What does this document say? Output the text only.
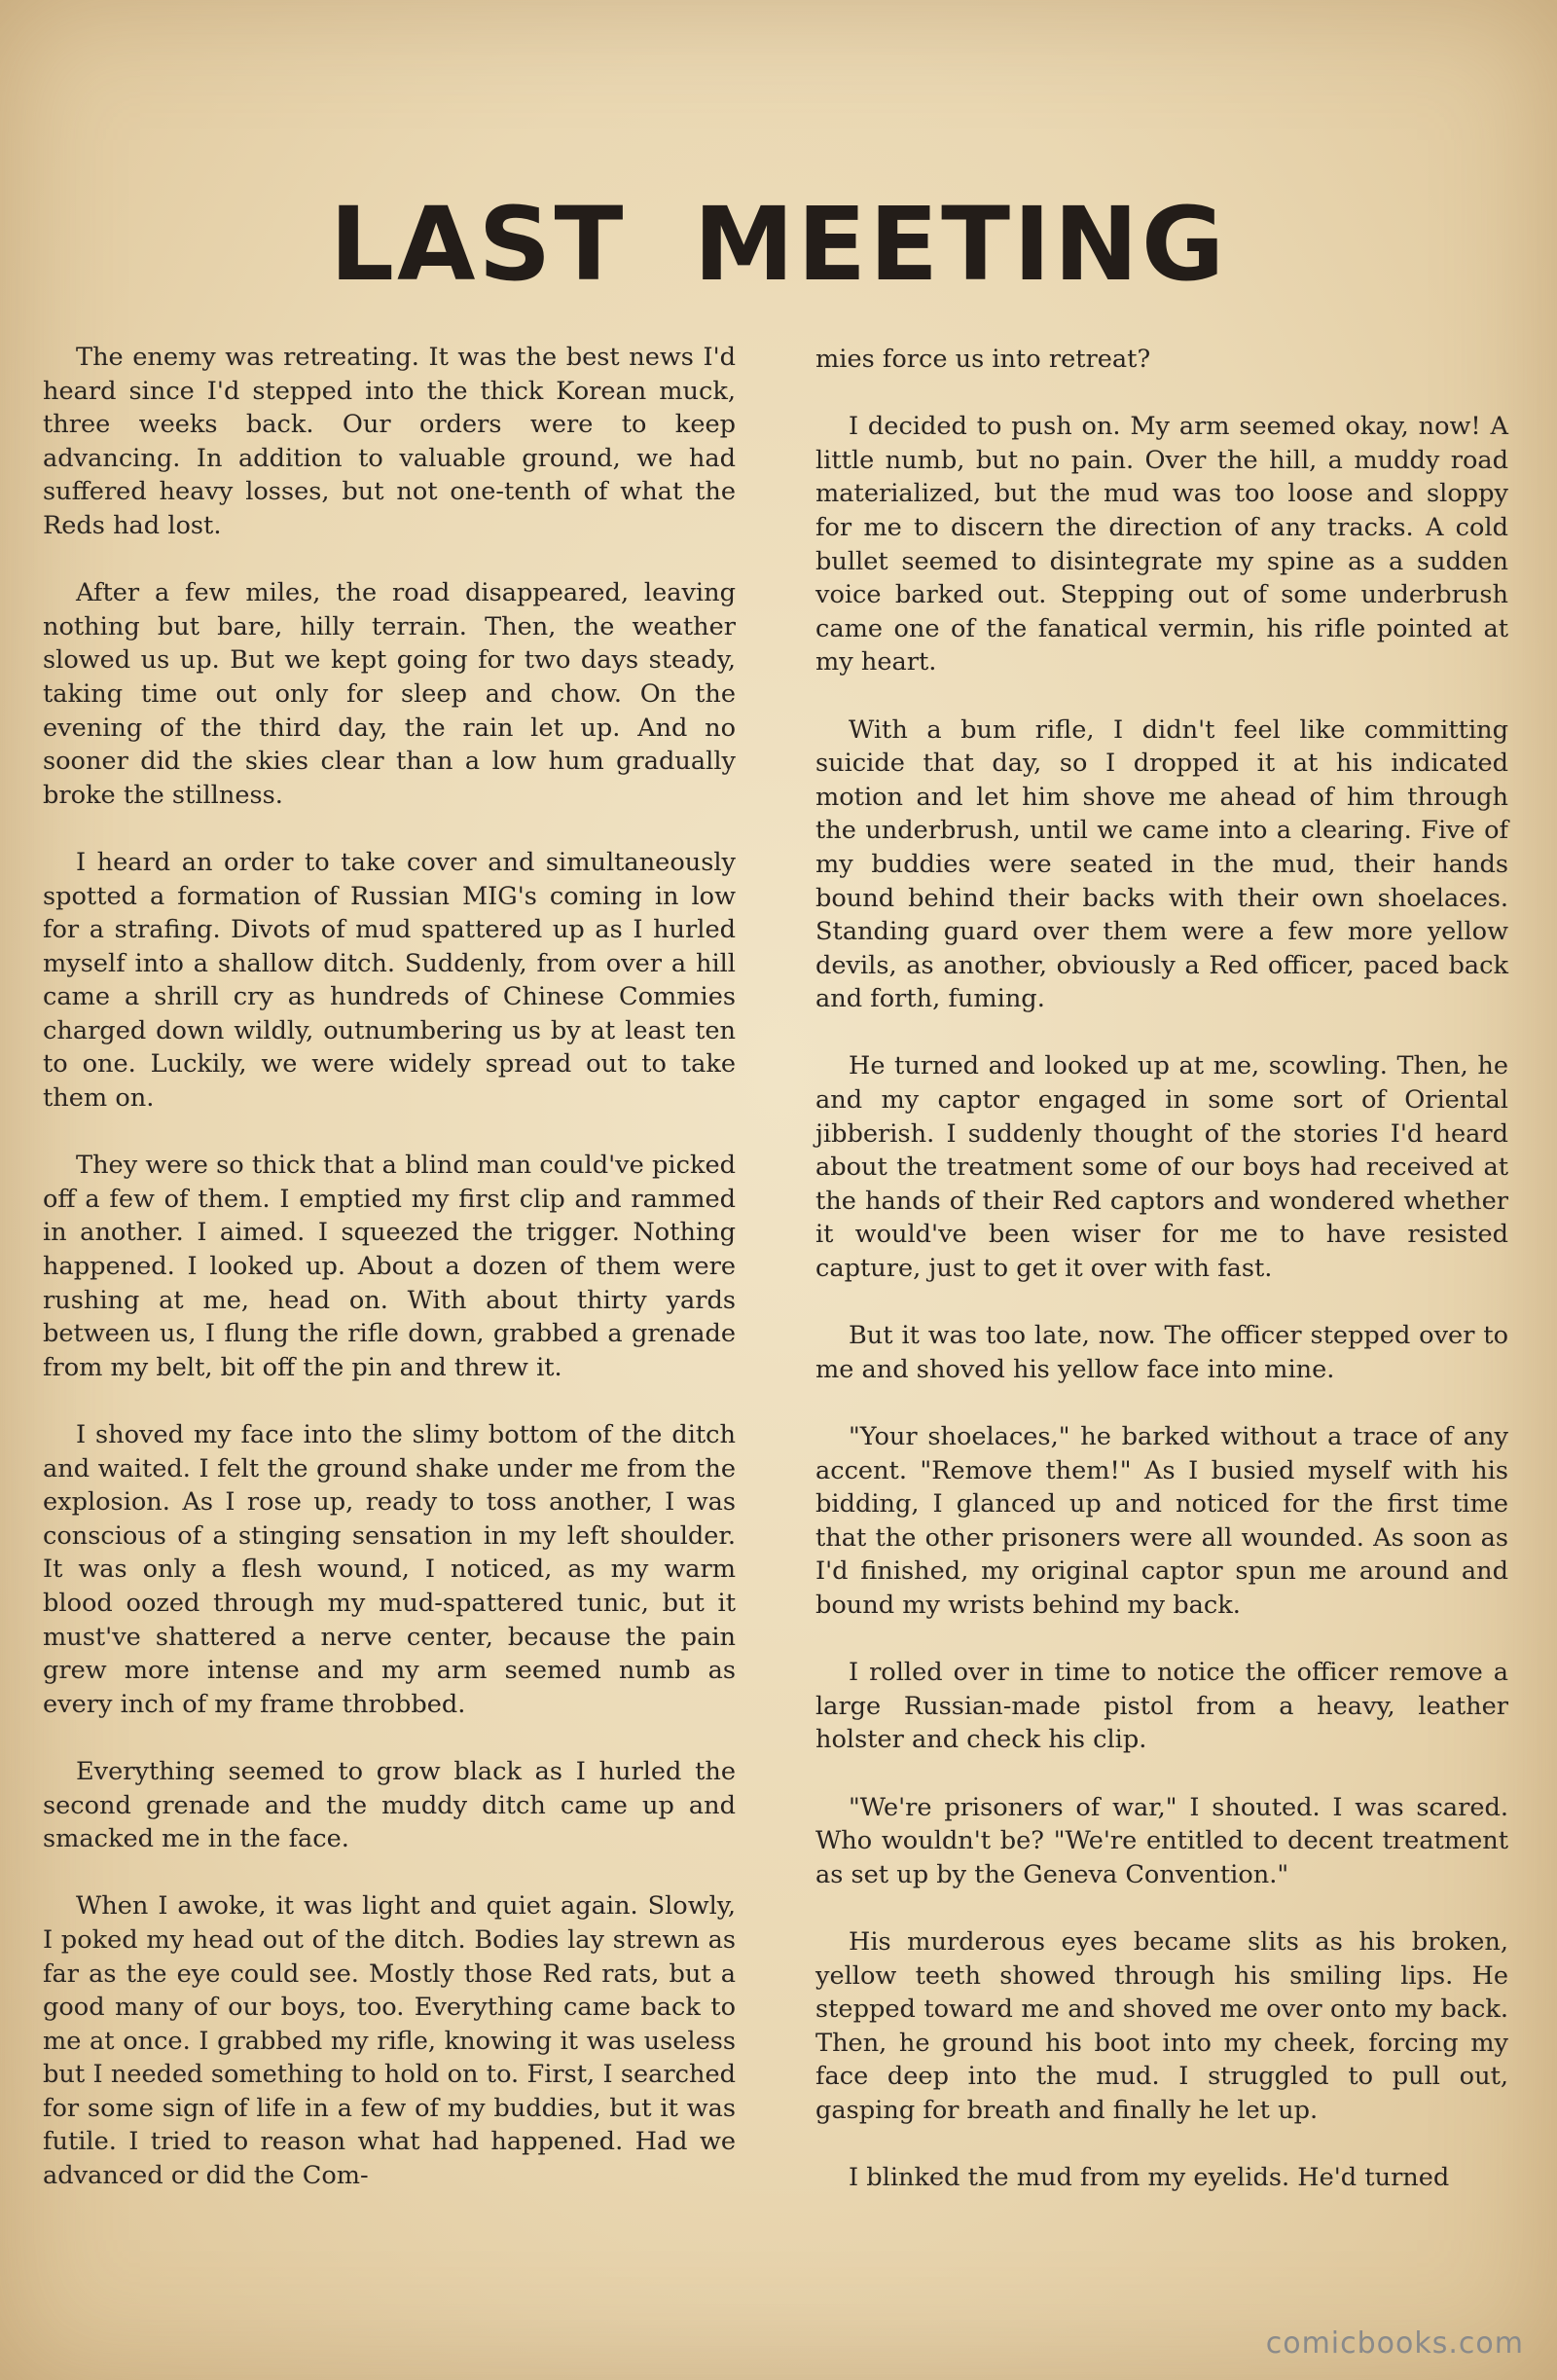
LAST MEETING

The enemy was retreating. It was the best news I'd heard since I'd stepped into the thick Korean muck, three weeks back. Our orders were to keep advancing. In addition to valuable ground, we had suffered heavy losses, but not one-tenth of what the Reds had lost.

After a few miles, the road disappeared, leaving nothing but bare, hilly terrain. Then, the weather slowed us up. But we kept going for two days steady, taking time out only for sleep and chow. On the evening of the third day, the rain let up. And no sooner did the skies clear than a low hum gradually broke the stillness.

I heard an order to take cover and simultaneously spotted a formation of Russian MIG's coming in low for a strafing. Divots of mud spattered up as I hurled myself into a shallow ditch. Suddenly, from over a hill came a shrill cry as hundreds of Chinese Commies charged down wildly, outnumbering us by at least ten to one. Luckily, we were widely spread out to take them on.

They were so thick that a blind man could've picked off a few of them. I emptied my first clip and rammed in another. I aimed. I squeezed the trigger. Nothing happened. I looked up. About a dozen of them were rushing at me, head on. With about thirty yards between us, I flung the rifle down, grabbed a grenade from my belt, bit off the pin and threw it.

I shoved my face into the slimy bottom of the ditch and waited. I felt the ground shake under me from the explosion. As I rose up, ready to toss another, I was conscious of a stinging sensation in my left shoulder. It was only a flesh wound, I noticed, as my warm blood oozed through my mud-spattered tunic, but it must've shattered a nerve center, because the pain grew more intense and my arm seemed numb as every inch of my frame throbbed.

Everything seemed to grow black as I hurled the second grenade and the muddy ditch came up and smacked me in the face.

When I awoke, it was light and quiet again. Slowly, I poked my head out of the ditch. Bodies lay strewn as far as the eye could see. Mostly those Red rats, but a good many of our boys, too. Everything came back to me at once. I grabbed my rifle, knowing it was useless but I needed something to hold on to. First, I searched for some sign of life in a few of my buddies, but it was futile. I tried to reason what had happened. Had we advanced or did the Com-

mies force us into retreat?

I decided to push on. My arm seemed okay, now! A little numb, but no pain. Over the hill, a muddy road materialized, but the mud was too loose and sloppy for me to discern the direction of any tracks. A cold bullet seemed to disintegrate my spine as a sudden voice barked out. Stepping out of some underbrush came one of the fanatical vermin, his rifle pointed at my heart.

With a bum rifle, I didn't feel like committing suicide that day, so I dropped it at his indicated motion and let him shove me ahead of him through the underbrush, until we came into a clearing. Five of my buddies were seated in the mud, their hands bound behind their backs with their own shoelaces. Standing guard over them were a few more yellow devils, as another, obviously a Red officer, paced back and forth, fuming.

He turned and looked up at me, scowling. Then, he and my captor engaged in some sort of Oriental jibberish. I suddenly thought of the stories I'd heard about the treatment some of our boys had received at the hands of their Red captors and wondered whether it would've been wiser for me to have resisted capture, just to get it over with fast.

But it was too late, now. The officer stepped over to me and shoved his yellow face into mine.

"Your shoelaces," he barked without a trace of any accent. "Remove them!" As I busied myself with his bidding, I glanced up and noticed for the first time that the other prisoners were all wounded. As soon as I'd finished, my original captor spun me around and bound my wrists behind my back.

I rolled over in time to notice the officer remove a large Russian-made pistol from a heavy, leather holster and check his clip.

"We're prisoners of war," I shouted. I was scared. Who wouldn't be? "We're entitled to decent treatment as set up by the Geneva Convention."

His murderous eyes became slits as his broken, yellow teeth showed through his smiling lips. He stepped toward me and shoved me over onto my back. Then, he ground his boot into my cheek, forcing my face deep into the mud. I struggled to pull out, gasping for breath and finally he let up.

I blinked the mud from my eyelids. He'd turned

comicbooks.com
